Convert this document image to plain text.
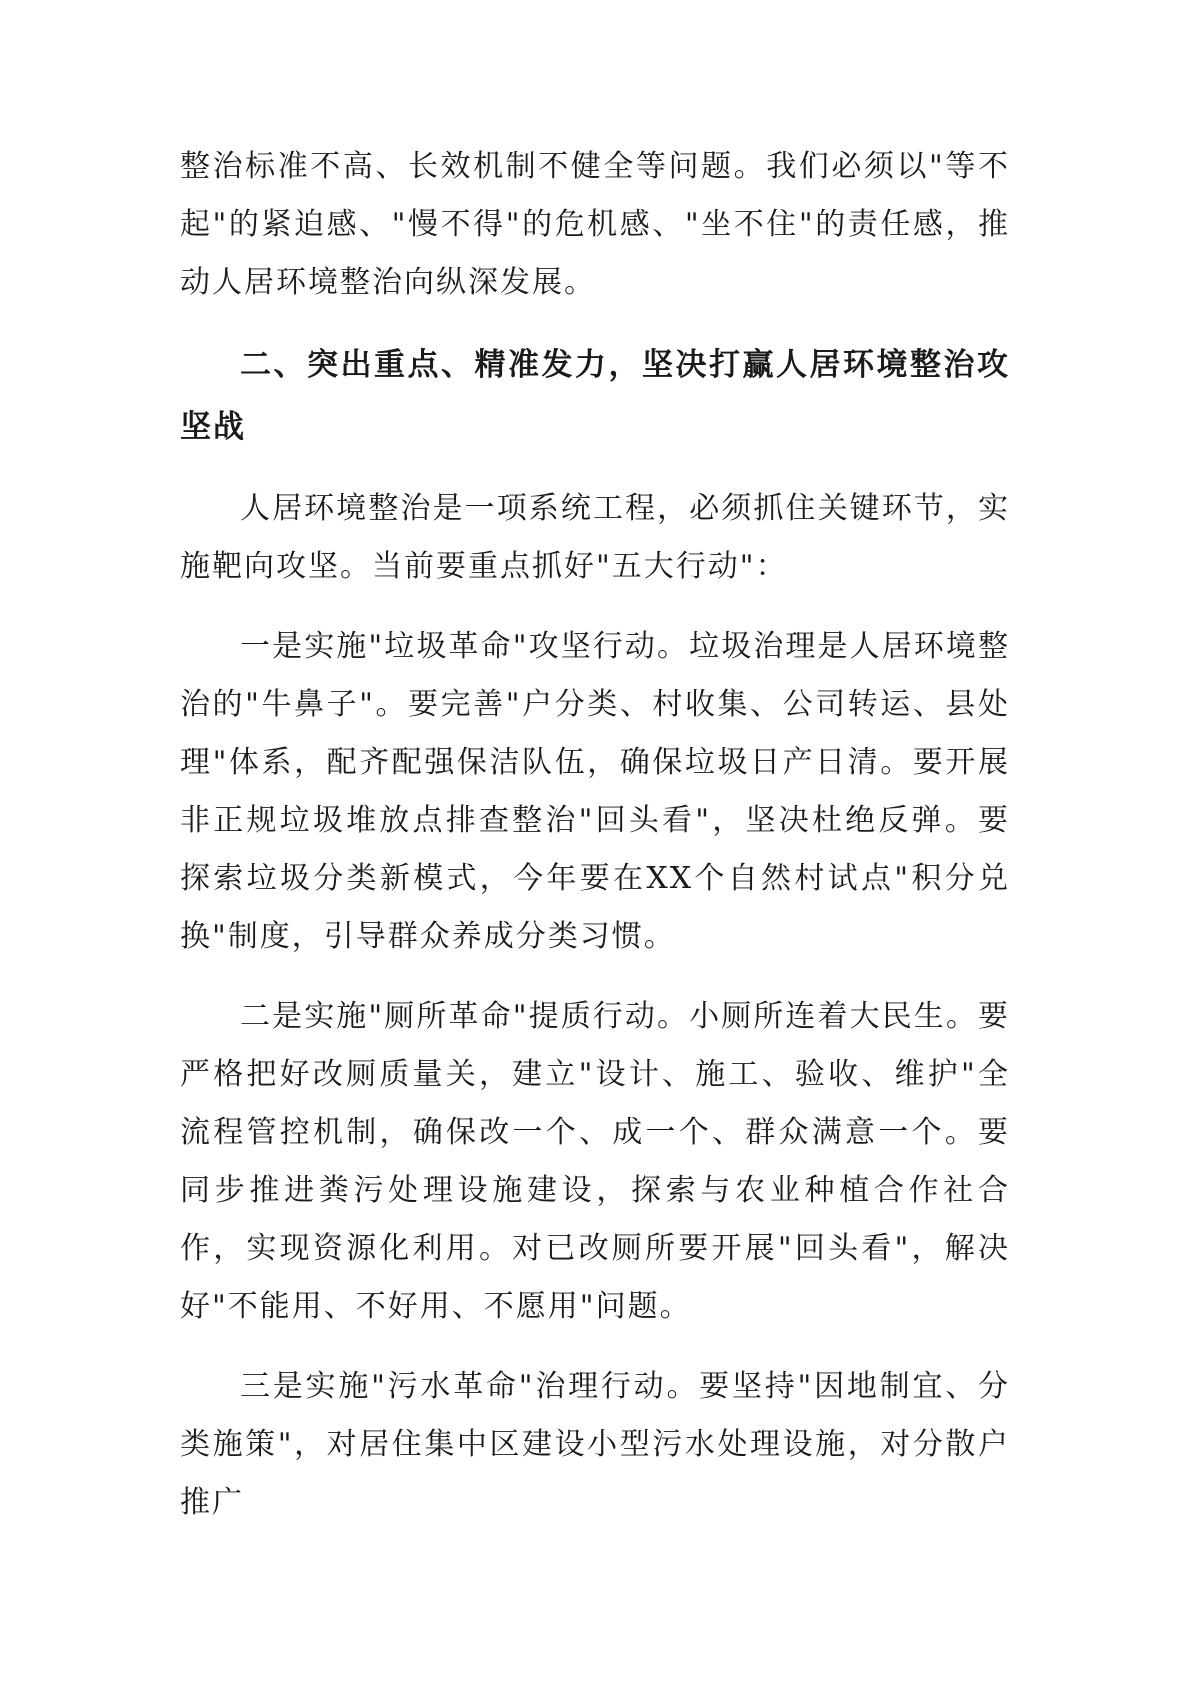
整治标准不高、长效机制不健全等问题。我们必须以"等不起"的紧迫感、"慢不得"的危机感、"坐不住"的责任感，推动人居环境整治向纵深发展。

二、突出重点、精准发力，坚决打赢人居环境整治攻坚战

人居环境整治是一项系统工程，必须抓住关键环节，实施靶向攻坚。当前要重点抓好"五大行动"：

一是实施"垃圾革命"攻坚行动。垃圾治理是人居环境整治的"牛鼻子"。要完善"户分类、村收集、公司转运、县处理"体系，配齐配强保洁队伍，确保垃圾日产日清。要开展非正规垃圾堆放点排查整治"回头看"，坚决杜绝反弹。要探索垃圾分类新模式，今年要在XX个自然村试点"积分兑换"制度，引导群众养成分类习惯。

二是实施"厕所革命"提质行动。小厕所连着大民生。要严格把好改厕质量关，建立"设计、施工、验收、维护"全流程管控机制，确保改一个、成一个、群众满意一个。要同步推进粪污处理设施建设，探索与农业种植合作社合作，实现资源化利用。对已改厕所要开展"回头看"，解决好"不能用、不好用、不愿用"问题。

三是实施"污水革命"治理行动。要坚持"因地制宜、分类施策"，对居住集中区建设小型污水处理设施，对分散户推广
